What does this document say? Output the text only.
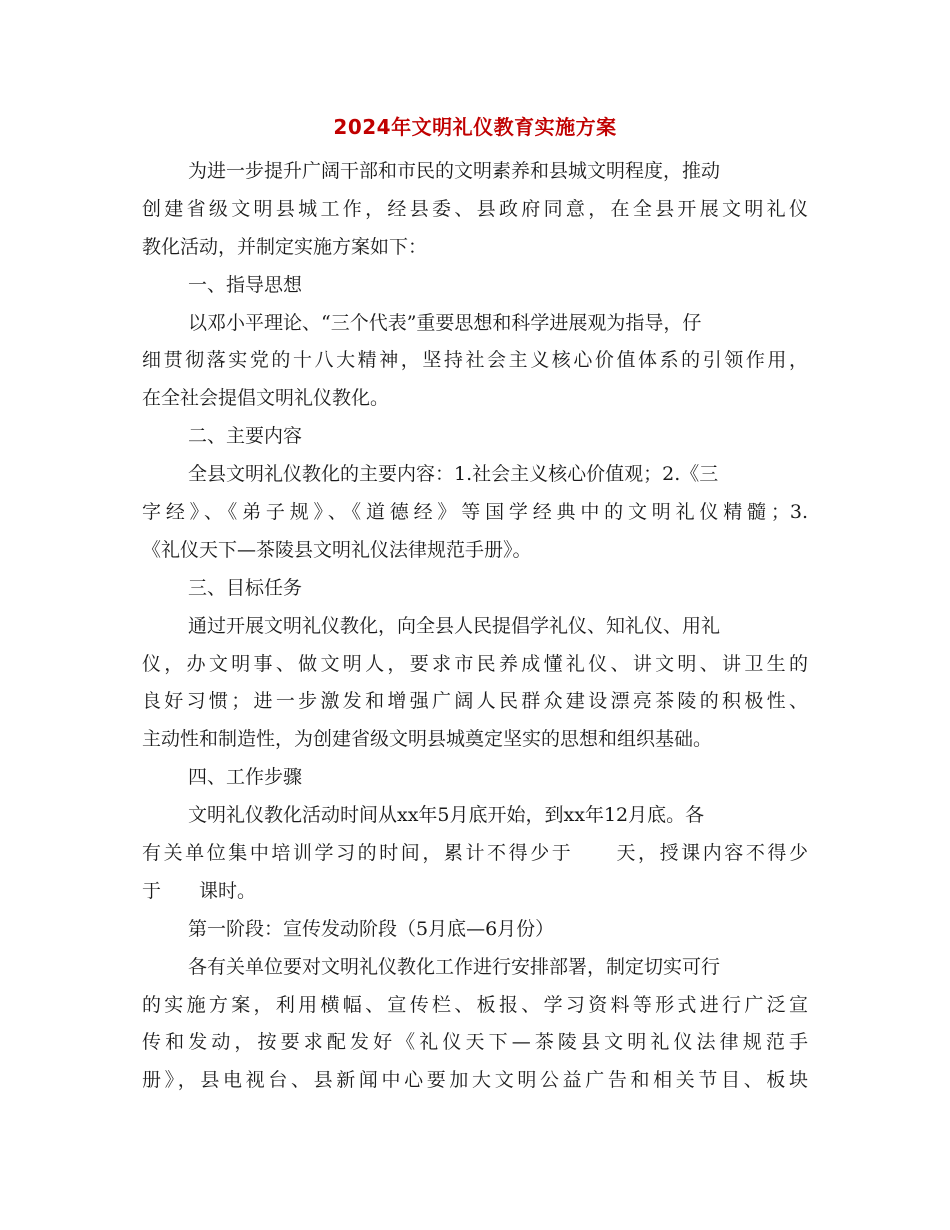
2024年文明礼仪教育实施方案
为进一步提升广阔干部和市民的文明素养和县城文明程度，推动
创建省级文明县城工作，经县委、县政府同意，在全县开展文明礼仪
教化活动，并制定实施方案如下：
一、指导思想
以邓小平理论、“三个代表”重要思想和科学进展观为指导，仔
细贯彻落实党的十八大精神，坚持社会主义核心价值体系的引领作用，
在全社会提倡文明礼仪教化。
二、主要内容
全县文明礼仪教化的主要内容：1.社会主义核心价值观；2.《三
字经》、《弟子规》、《道德经》等国学经典中的文明礼仪精髓；3.
《礼仪天下—茶陵县文明礼仪法律规范手册》。
三、目标任务
通过开展文明礼仪教化，向全县人民提倡学礼仪、知礼仪、用礼
仪，办文明事、做文明人，要求市民养成懂礼仪、讲文明、讲卫生的
良好习惯；进一步激发和增强广阔人民群众建设漂亮茶陵的积极性、
主动性和制造性，为创建省级文明县城奠定坚实的思想和组织基础。
四、工作步骤
文明礼仪教化活动时间从xx年5月底开始，到xx年12月底。各
有关单位集中培训学习的时间，累计不得少于　　天，授课内容不得少
于　　课时。
第一阶段：宣传发动阶段（5月底—6月份）
各有关单位要对文明礼仪教化工作进行安排部署，制定切实可行
的实施方案，利用横幅、宣传栏、板报、学习资料等形式进行广泛宣
传和发动，按要求配发好《礼仪天下—茶陵县文明礼仪法律规范手
册》，县电视台、县新闻中心要加大文明公益广告和相关节目、板块
